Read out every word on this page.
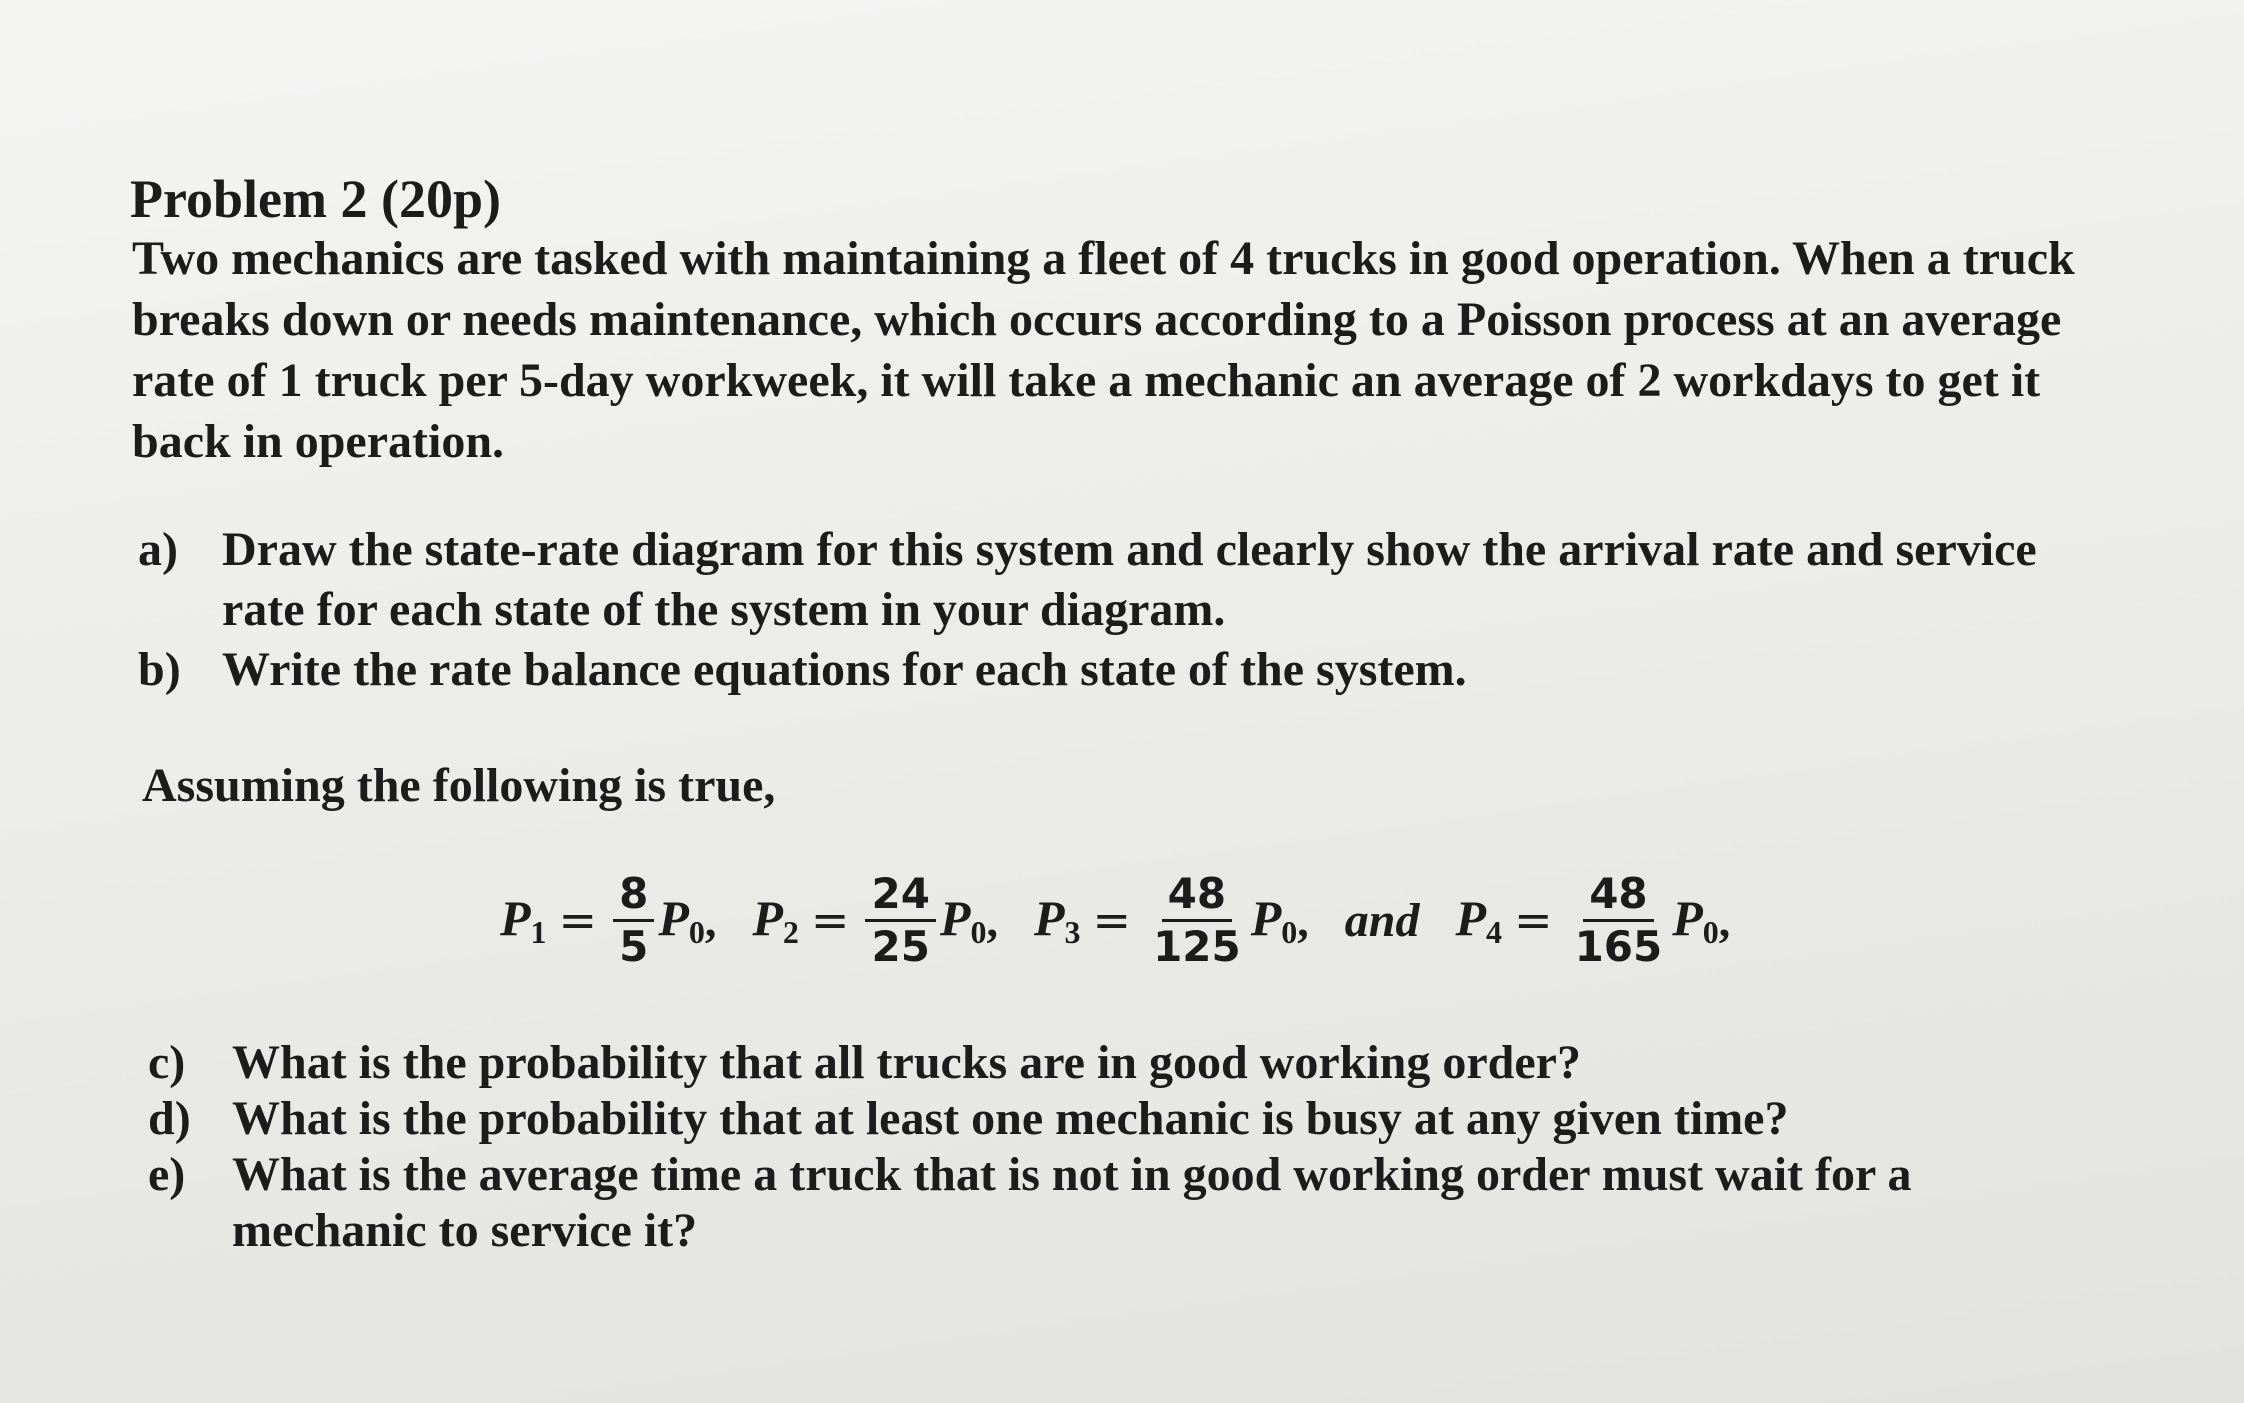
Problem 2 (20p)

Two mechanics are tasked with maintaining a fleet of 4 trucks in good operation. When a truck breaks down or needs maintenance, which occurs according to a Poisson process at an average rate of 1 truck per 5-day workweek, it will take a mechanic an average of 2 workdays to get it back in operation.

a) Draw the state-rate diagram for this system and clearly show the arrival rate and service rate for each state of the system in your diagram.
b) Write the rate balance equations for each state of the system.

Assuming the following is true,

$P_1 = \frac{8}{5} P_0$ , $P_2 = \frac{24}{25} P_0$ , $P_3 = \frac{48}{125} P_0$ , and $P_4 = \frac{48}{165} P_0$ ,
c) What is the probability that all trucks are in good working order?
d) What is the probability that at least one mechanic is busy at any given time?
e) What is the average time a truck that is not in good working order must wait for a mechanic to service it?
